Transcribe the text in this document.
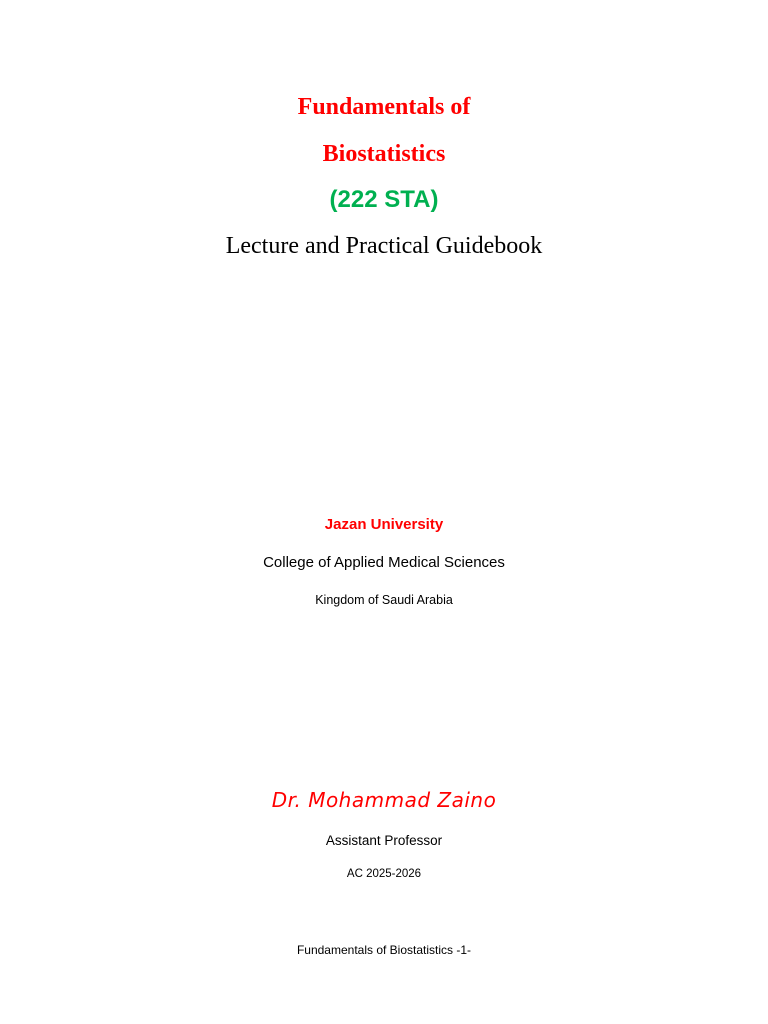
Fundamentals of
Biostatistics
(222 STA)
Lecture and Practical Guidebook
Jazan University
College of Applied Medical Sciences
Kingdom of Saudi Arabia
Dr. Mohammad Zaino
Assistant Professor
AC 2025-2026
Fundamentals of Biostatistics -1-
